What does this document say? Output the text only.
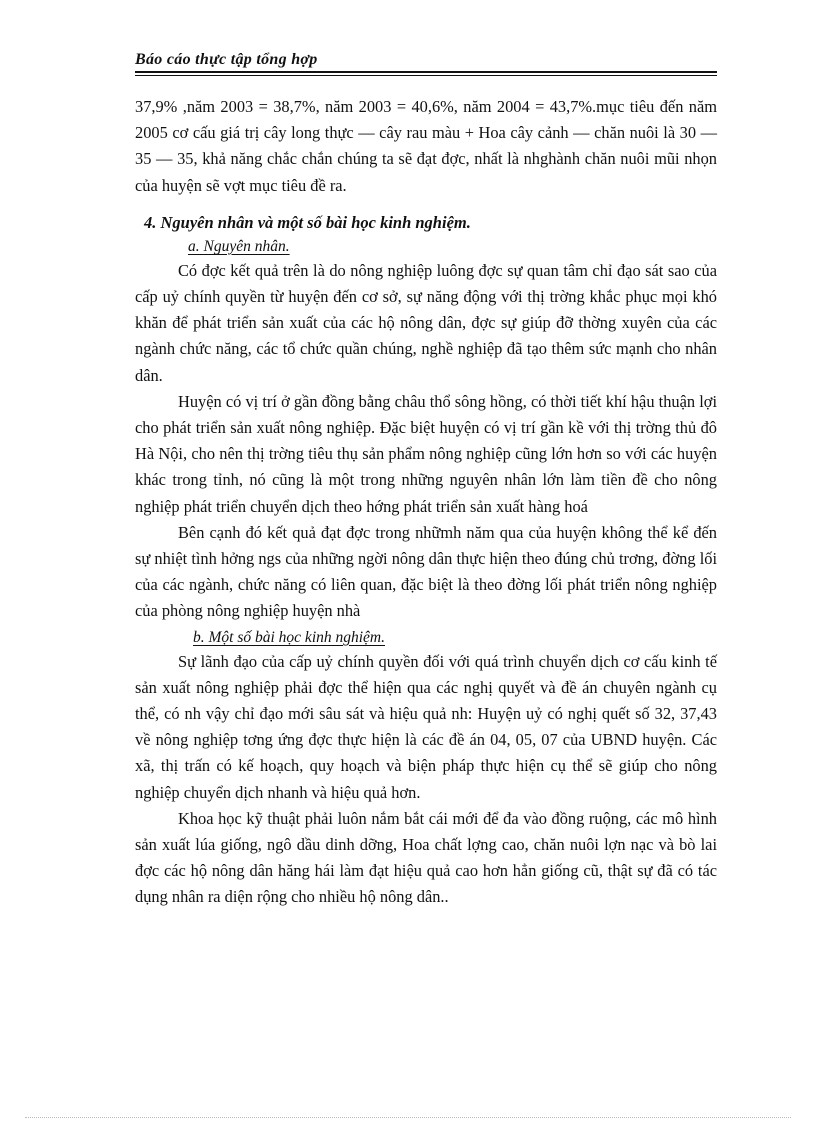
Báo cáo thực tập tổng hợp

37,9% ,năm 2003 = 38,7%, năm 2003 = 40,6%, năm 2004 = 43,7%.mục tiêu đến năm 2005 cơ cấu giá trị cây long thực — cây rau màu + Hoa cây cảnh — chăn nuôi là 30 — 35 — 35, khả năng chắc chắn chúng ta sẽ đạt đợc, nhất là nhghành chăn nuôi mũi nhọn của huyện sẽ vợt mục tiêu đề ra.

4. Nguyên nhân và một số bài học kinh nghiệm.

a. Nguyên nhân.

Có đợc kết quả trên là do nông nghiệp luông đợc sự quan tâm chỉ đạo sát sao của cấp uỷ chính quyền từ huyện đến cơ sở, sự năng động với thị trờng khắc phục mọi khó khăn để phát triển sản xuất của các hộ nông dân, đợc sự giúp đỡ thờng xuyên của các ngành chức năng, các tổ chức quần chúng, nghề nghiệp đã tạo thêm sức mạnh cho nhân dân.

Huyện có vị trí ở gần đồng bằng châu thổ sông hồng, có thời tiết khí hậu thuận lợi cho phát triển sản xuất nông nghiệp. Đặc biệt huyện có vị trí gần kề với thị trờng thủ đô Hà Nội, cho nên thị trờng tiêu thụ sản phẩm nông nghiệp cũng lớn hơn so với các huyện khác trong tỉnh, nó cũng là một trong những nguyên nhân lớn làm tiền đề cho nông nghiệp phát triển chuyển dịch theo hớng phát triển sản xuất hàng hoá

Bên cạnh đó kết quả đạt đợc trong nhữmh năm qua của huyện không thể kể đến sự nhiệt tình hởng ngs của những ngời nông dân thực hiện theo đúng chủ trơng, đờng lối của các ngành, chức năng có liên quan, đặc biệt là theo đờng lối phát triển nông nghiệp của phòng nông nghiệp huyện nhà

b. Một số bài học kinh nghiệm.

Sự lãnh đạo của cấp uỷ chính quyền đối với quá trình chuyển dịch cơ cấu kinh tế sản xuất nông nghiệp phải đợc thể hiện qua các nghị quyết và đề án chuyên ngành cụ thể, có nh vậy chỉ đạo mới sâu sát và hiệu quả nh: Huyện uỷ có nghị quết số 32, 37,43 về nông nghiệp tơng ứng đợc thực hiện là các đề án 04, 05, 07 của UBND huyện. Các xã, thị trấn có kế hoạch, quy hoạch và biện pháp thực hiện cụ thể sẽ giúp cho nông nghiệp chuyển dịch nhanh và hiệu quả hơn.

Khoa học kỹ thuật phải luôn nắm bắt cái mới để đa vào đồng ruộng, các mô hình sản xuất lúa giống, ngô dầu dinh dỡng, Hoa chất lợng cao, chăn nuôi lợn nạc và bò lai đợc các hộ nông dân hăng hái làm đạt hiệu quả cao hơn hẳn giống cũ, thật sự đã có tác dụng nhân ra diện rộng cho nhiều hộ nông dân..
